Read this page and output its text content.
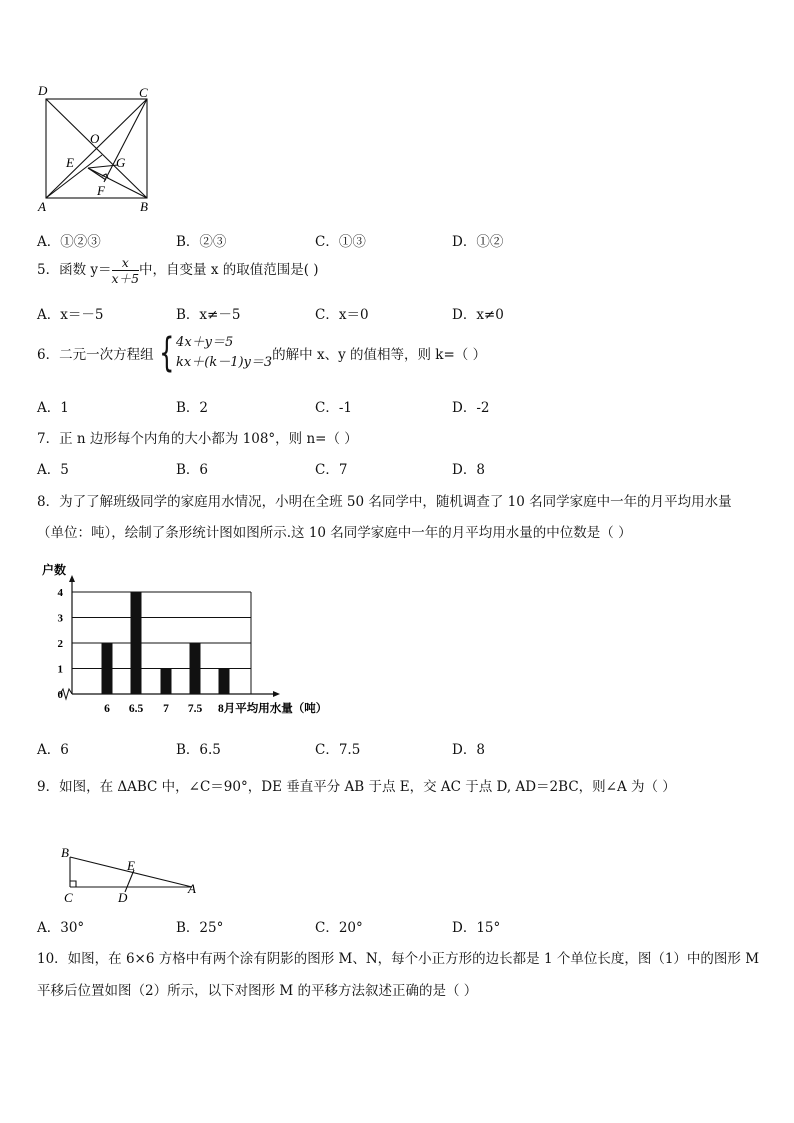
D	C
O
E	G
F
A	B
A．①②③	B．②③	C．①③	D．①②
5．函数 $y= \frac{x}{x+5}$ 中，自变量 x 的取值范围是( )
A．x＝－5	B．x≠－5	C．x＝0	D．x≠0
6．二元一次方程组 { 4x＋y＝5
kx＋(k－1)y＝3 的解中 x、y 的值相等，则 k=（ ）
A．1	B．2	C．-1	D．-2
7．正 n 边形每个内角的大小都为 108°，则 n=（ ）
A．5	B．6	C．7	D．8
8．为了了解班级同学的家庭用水情况，小明在全班 50 名同学中，随机调查了 10 名同学家庭中一年的月平均用水量
（单位：吨），绘制了条形统计图如图所示.这 10 名同学家庭中一年的月平均用水量的中位数是（ ）
0
1
2
3
4
户数
6 6.5 7 7.5 8月平均用水量（吨）
A．6	B．6.5	C．7.5	D．8
9．如图，在 ΔABC 中，∠C＝90°，DE 垂直平分 AB 于点 E，交 AC 于点 D, AD＝2BC，则∠A 为（ ）
B
E
C	D
A
A．30°	B．25°	C．20°	D．15°
10．如图，在 6×6 方格中有两个涂有阴影的图形 M、N，每个小正方形的边长都是 1 个单位长度，图（1）中的图形 M
平移后位置如图（2）所示，以下对图形 M 的平移方法叙述正确的是（ ）
